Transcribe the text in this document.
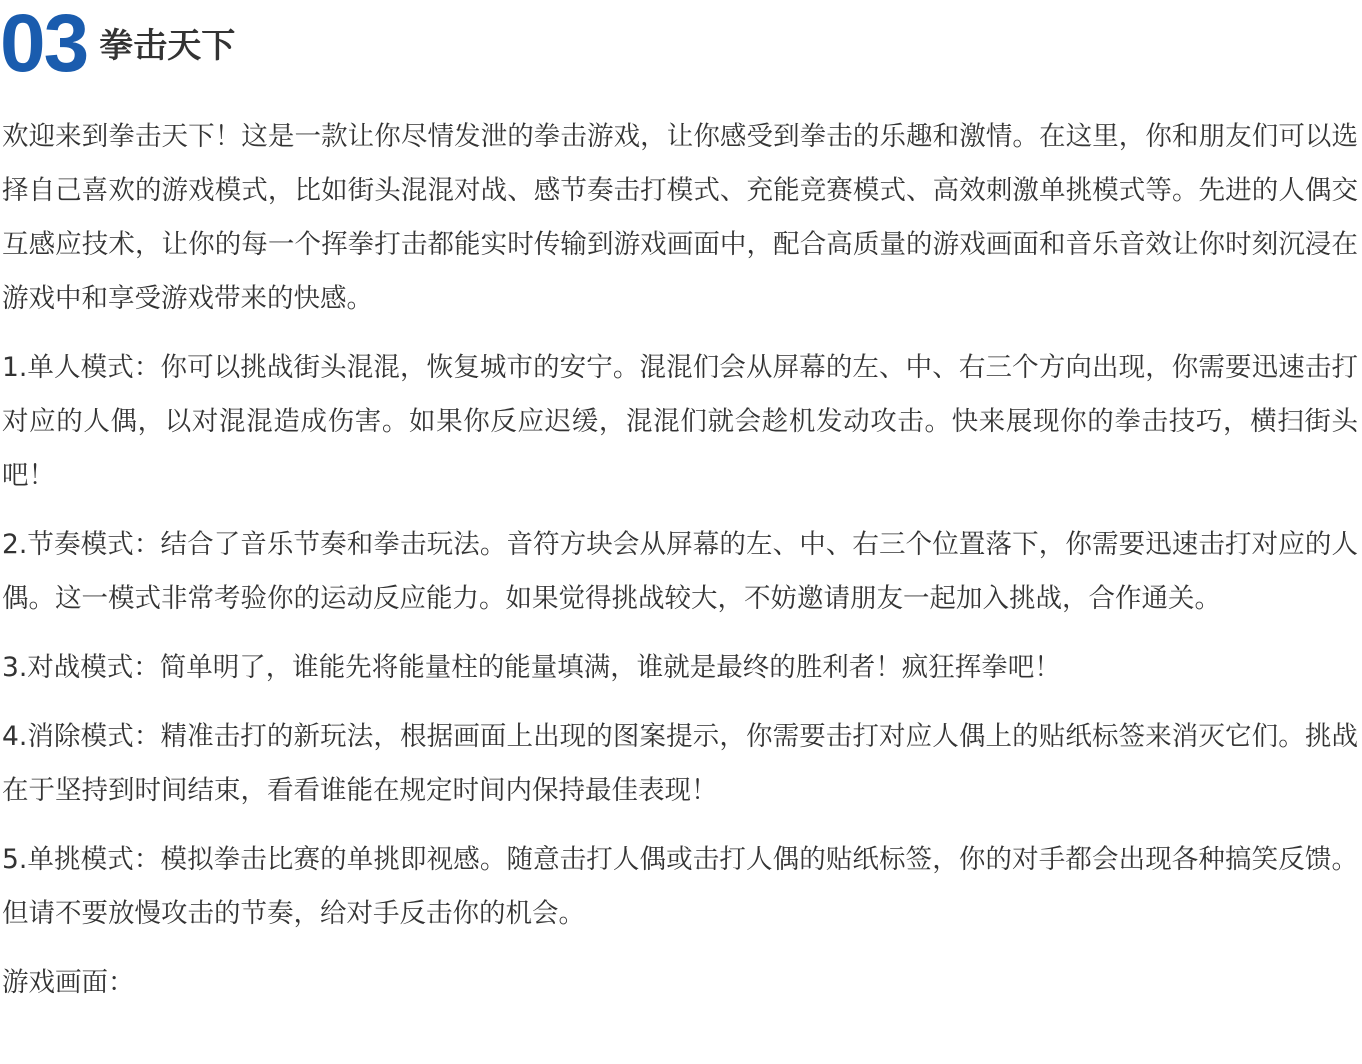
03 拳击天下

欢迎来到拳击天下！这是一款让你尽情发泄的拳击游戏，让你感受到拳击的乐趣和激情。在这里，你和朋友们可以选择自己喜欢的游戏模式，比如街头混混对战、感节奏击打模式、充能竞赛模式、高效刺激单挑模式等。先进的人偶交互感应技术，让你的每一个挥拳打击都能实时传输到游戏画面中，配合高质量的游戏画面和音乐音效让你时刻沉浸在游戏中和享受游戏带来的快感。

1.单人模式：你可以挑战街头混混，恢复城市的安宁。混混们会从屏幕的左、中、右三个方向出现，你需要迅速击打对应的人偶，以对混混造成伤害。如果你反应迟缓，混混们就会趁机发动攻击。快来展现你的拳击技巧，横扫街头吧！

2.节奏模式：结合了音乐节奏和拳击玩法。音符方块会从屏幕的左、中、右三个位置落下，你需要迅速击打对应的人偶。这一模式非常考验你的运动反应能力。如果觉得挑战较大，不妨邀请朋友一起加入挑战，合作通关。

3.对战模式：简单明了，谁能先将能量柱的能量填满，谁就是最终的胜利者！疯狂挥拳吧！

4.消除模式：精准击打的新玩法，根据画面上出现的图案提示，你需要击打对应人偶上的贴纸标签来消灭它们。挑战在于坚持到时间结束，看看谁能在规定时间内保持最佳表现！

5.单挑模式：模拟拳击比赛的单挑即视感。随意击打人偶或击打人偶的贴纸标签，你的对手都会出现各种搞笑反馈。但请不要放慢攻击的节奏，给对手反击你的机会。

游戏画面：
